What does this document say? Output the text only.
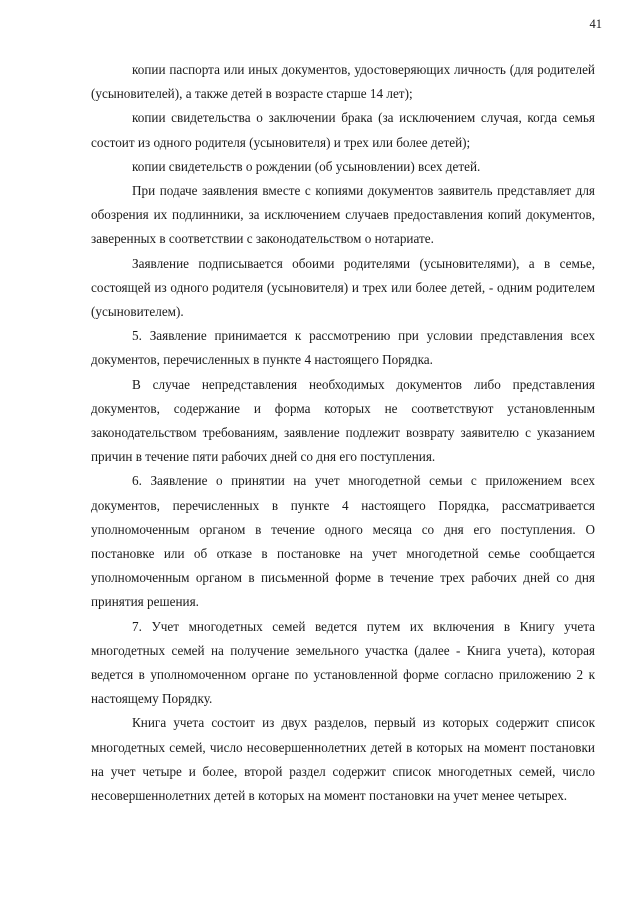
41

копии паспорта или иных документов, удостоверяющих личность (для родителей (усыновителей), а также детей в возрасте старше 14 лет);

копии свидетельства о заключении брака (за исключением случая, когда семья состоит из одного родителя (усыновителя) и трех или более детей);

копии свидетельств о рождении (об усыновлении) всех детей.

При подаче заявления вместе с копиями документов заявитель представляет для обозрения их подлинники, за исключением случаев предоставления копий документов, заверенных в соответствии с законодательством о нотариате.

Заявление подписывается обоими родителями (усыновителями), а в семье, состоящей из одного родителя (усыновителя) и трех или более детей, - одним родителем (усыновителем).

5. Заявление принимается к рассмотрению при условии представления всех документов, перечисленных в пункте 4 настоящего Порядка.

В случае непредставления необходимых документов либо представления документов, содержание и форма которых не соответствуют установленным законодательством требованиям, заявление подлежит возврату заявителю с указанием причин в течение пяти рабочих дней со дня его поступления.

6. Заявление о принятии на учет многодетной семьи с приложением всех документов, перечисленных в пункте 4 настоящего Порядка, рассматривается уполномоченным органом в течение одного месяца со дня его поступления. О постановке или об отказе в постановке на учет многодетной семье сообщается уполномоченным органом в письменной форме в течение трех рабочих дней со дня принятия решения.

7. Учет многодетных семей ведется путем их включения в Книгу учета многодетных семей на получение земельного участка (далее - Книга учета), которая ведется в уполномоченном органе по установленной форме согласно приложению 2 к настоящему Порядку.

Книга учета состоит из двух разделов, первый из которых содержит список многодетных семей, число несовершеннолетних детей в которых на момент постановки на учет четыре и более, второй раздел содержит список многодетных семей, число несовершеннолетних детей в которых на момент постановки на учет менее четырех.
